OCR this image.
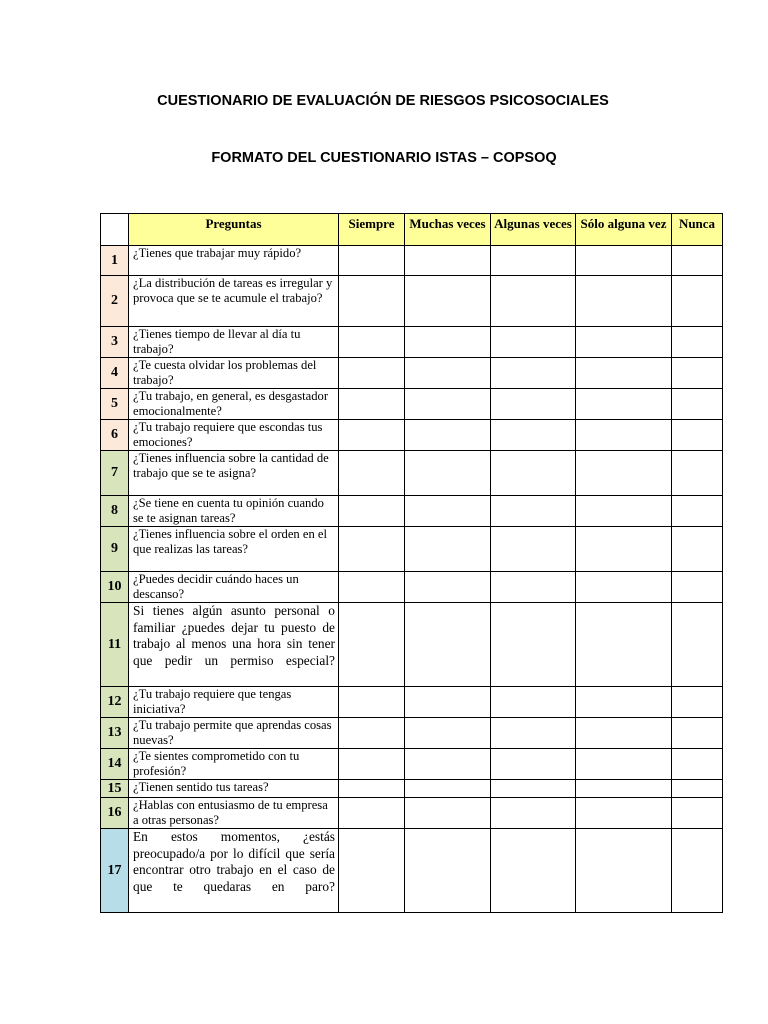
CUESTIONARIO DE EVALUACIÓN DE RIESGOS PSICOSOCIALES
FORMATO DEL CUESTIONARIO ISTAS – COPSOQ
	Preguntas	Siempre	Muchas veces	Algunas veces	Sólo alguna vez	Nunca
1	¿Tienes que trabajar muy rápido?					
2	¿La distribución de tareas es irregular y provoca que se te acumule el trabajo?					
3	¿Tienes tiempo de llevar al día tu trabajo?					
4	¿Te cuesta olvidar los problemas del trabajo?					
5	¿Tu trabajo, en general, es desgastador emocionalmente?					
6	¿Tu trabajo requiere que escondas tus emociones?					
7	¿Tienes influencia sobre la cantidad de trabajo que se te asigna?					
8	¿Se tiene en cuenta tu opinión cuando se te asignan tareas?					
9	¿Tienes influencia sobre el orden en el que realizas las tareas?					
10	¿Puedes decidir cuándo haces un descanso?					
11	Si tienes algún asunto personal o familiar ¿puedes dejar tu puesto de trabajo al menos una hora sin tener que pedir un permiso especial?					
12	¿Tu trabajo requiere que tengas iniciativa?					
13	¿Tu trabajo permite que aprendas cosas nuevas?					
14	¿Te sientes comprometido con tu profesión?					
15	¿Tienen sentido tus tareas?					
16	¿Hablas con entusiasmo de tu empresa a otras personas?					
17	En estos momentos, ¿estás preocupado/a por lo difícil que sería encontrar otro trabajo en el caso de que te quedaras en paro?					
